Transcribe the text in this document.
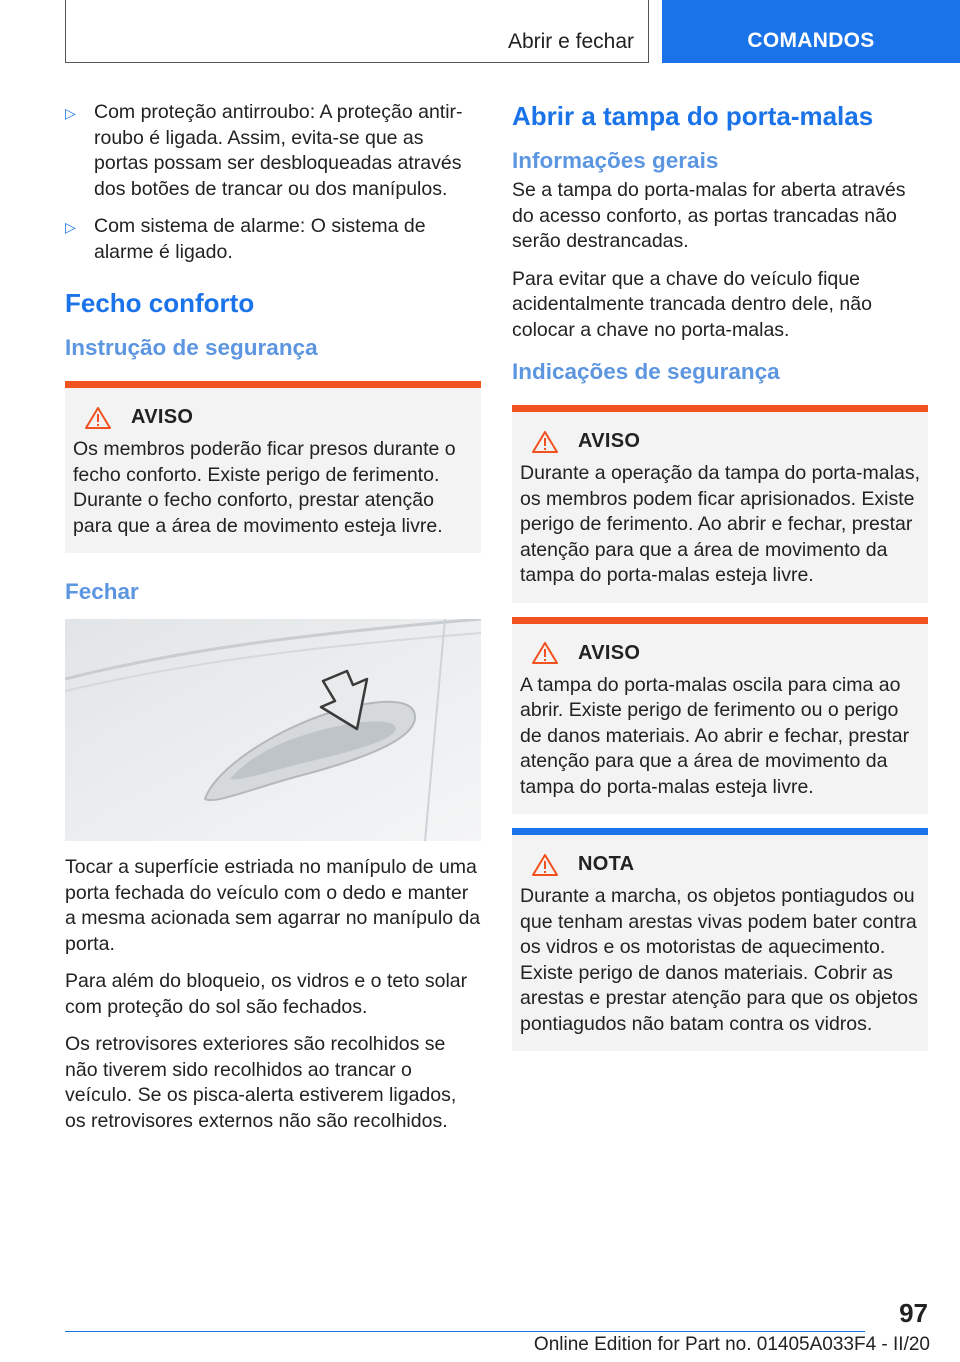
Abrir e fechar	COMANDOS
▷ Com proteção antirroubo: A proteção antirroubo é ligada. Assim, evita-se que as portas possam ser desbloqueadas através dos botões de trancar ou dos manípulos.
▷ Com sistema de alarme: O sistema de alarme é ligado.
Fecho conforto
Instrução de segurança
AVISO

Os membros poderão ficar presos durante o fecho conforto. Existe perigo de ferimento. Durante o fecho conforto, prestar atenção para que a área de movimento esteja livre.

Fechar

Tocar a superfície estriada no manípulo de uma porta fechada do veículo com o dedo e manter a mesma acionada sem agarrar no manípulo da porta.

Para além do bloqueio, os vidros e o teto solar com proteção do sol são fechados.

Os retrovisores exteriores são recolhidos se não tiverem sido recolhidos ao trancar o veículo. Se os pisca-alerta estiverem ligados, os retrovisores externos não são recolhidos.

Abrir a tampa do porta-malas
Informações gerais

Se a tampa do porta-malas for aberta através do acesso conforto, as portas trancadas não serão destrancadas.

Para evitar que a chave do veículo fique acidentalmente trancada dentro dele, não colocar a chave no porta-malas.

Indicações de segurança
AVISO

Durante a operação da tampa do porta-malas, os membros podem ficar aprisionados. Existe perigo de ferimento. Ao abrir e fechar, prestar atenção para que a área de movimento da tampa do porta-malas esteja livre.

AVISO

A tampa do porta-malas oscila para cima ao abrir. Existe perigo de ferimento ou o perigo de danos materiais. Ao abrir e fechar, prestar atenção para que a área de movimento da tampa do porta-malas esteja livre.

NOTA

Durante a marcha, os objetos pontiagudos ou que tenham arestas vivas podem bater contra os vidros e os motoristas de aquecimento. Existe perigo de danos materiais. Cobrir as arestas e prestar atenção para que os objetos pontiagudos não batam contra os vidros.

97
Online Edition for Part no. 01405A033F4 - II/20
